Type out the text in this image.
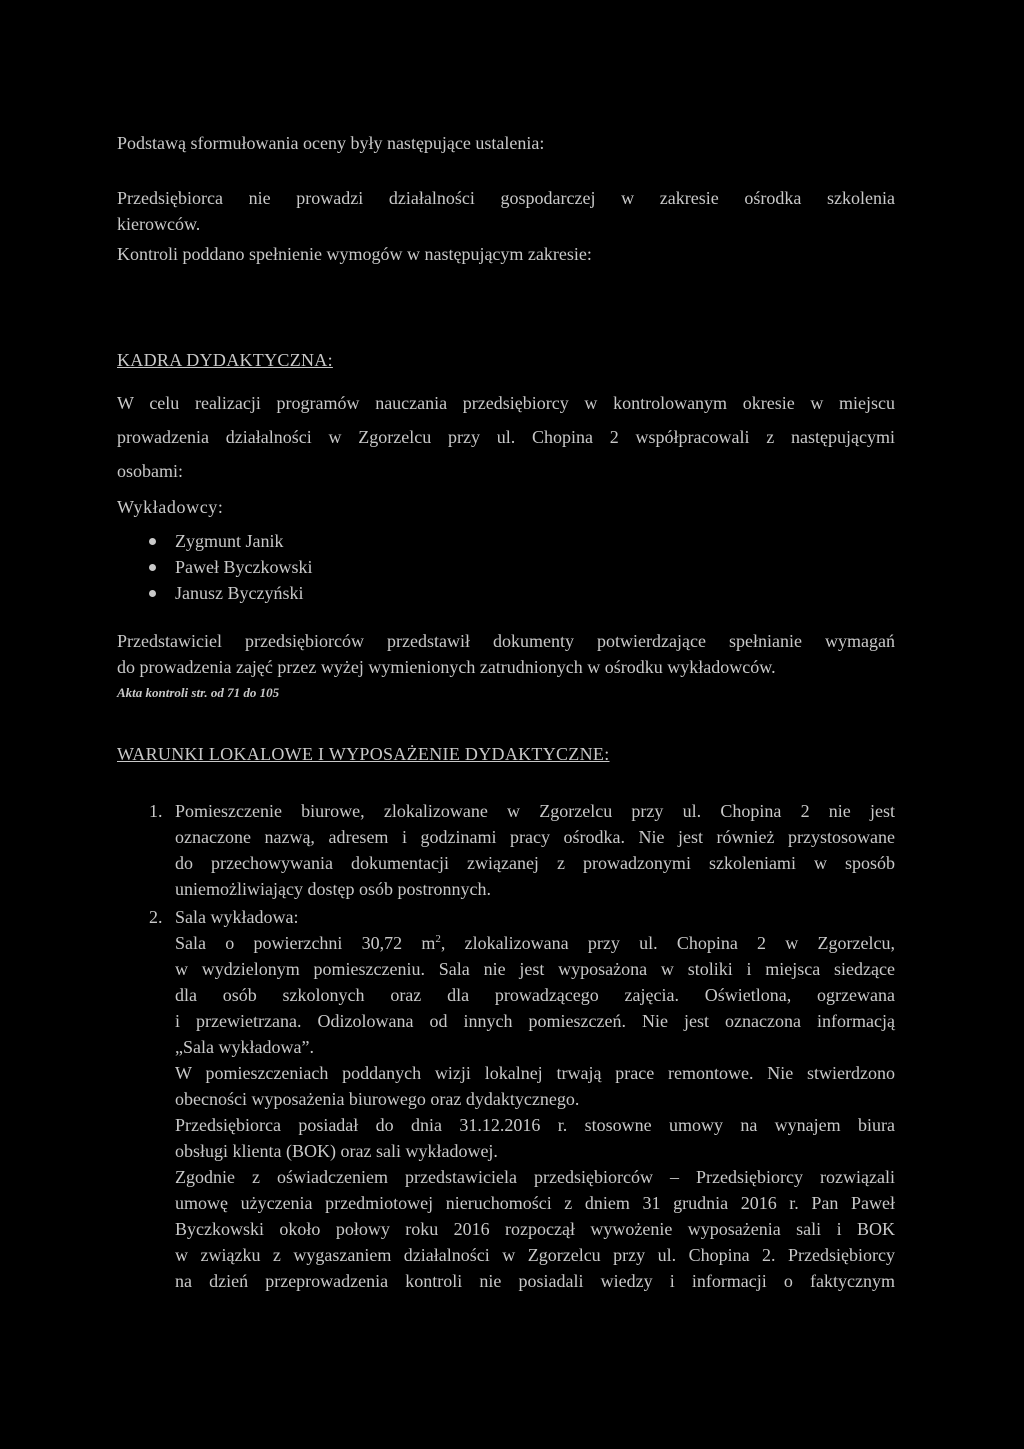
Podstawą sformułowania oceny były następujące ustalenia:

Przedsiębiorca nie prowadzi działalności gospodarczej w zakresie ośrodka szkolenia
kierowców.

Kontroli poddano spełnienie wymogów w następującym zakresie:

KADRA DYDAKTYCZNA:

W celu realizacji programów nauczania przedsiębiorcy w kontrolowanym okresie w miejscu
prowadzenia działalności w Zgorzelcu przy ul. Chopina 2 współpracowali z następującymi
osobami:

Wykładowcy:

Zygmunt Janik
Paweł Byczkowski
Janusz Byczyński
Przedstawiciel przedsiębiorców przedstawił dokumenty potwierdzające spełnianie wymagań
do prowadzenia zajęć przez wyżej wymienionych zatrudnionych w ośrodku wykładowców.

Akta kontroli str. od 71 do 105

WARUNKI LOKALOWE I WYPOSAŻENIE DYDAKTYCZNE:

1. Pomieszczenie biurowe, zlokalizowane w Zgorzelcu przy ul. Chopina 2 nie jest
oznaczone nazwą, adresem i godzinami pracy ośrodka. Nie jest również przystosowane
do przechowywania dokumentacji związanej z prowadzonymi szkoleniami w sposób
uniemożliwiający dostęp osób postronnych.
2. Sala wykładowa:
Sala o powierzchni 30,72 $m^2$, zlokalizowana przy ul. Chopina 2 w Zgorzelcu,
w wydzielonym pomieszczeniu. Sala nie jest wyposażona w stoliki i miejsca siedzące
dla osób szkolonych oraz dla prowadzącego zajęcia. Oświetlona, ogrzewana
i przewietrzana. Odizolowana od innych pomieszczeń. Nie jest oznaczona informacją
„Sala wykładowa”.
W pomieszczeniach poddanych wizji lokalnej trwają prace remontowe. Nie stwierdzono
obecności wyposażenia biurowego oraz dydaktycznego.
Przedsiębiorca posiadał do dnia 31.12.2016 r. stosowne umowy na wynajem biura
obsługi klienta (BOK) oraz sali wykładowej.
Zgodnie z oświadczeniem przedstawiciela przedsiębiorców – Przedsiębiorcy rozwiązali
umowę użyczenia przedmiotowej nieruchomości z dniem 31 grudnia 2016 r. Pan Paweł
Byczkowski około połowy roku 2016 rozpoczął wywożenie wyposażenia sali i BOK
w związku z wygaszaniem działalności w Zgorzelcu przy ul. Chopina 2. Przedsiębiorcy
na dzień przeprowadzenia kontroli nie posiadali wiedzy i informacji o faktycznym
